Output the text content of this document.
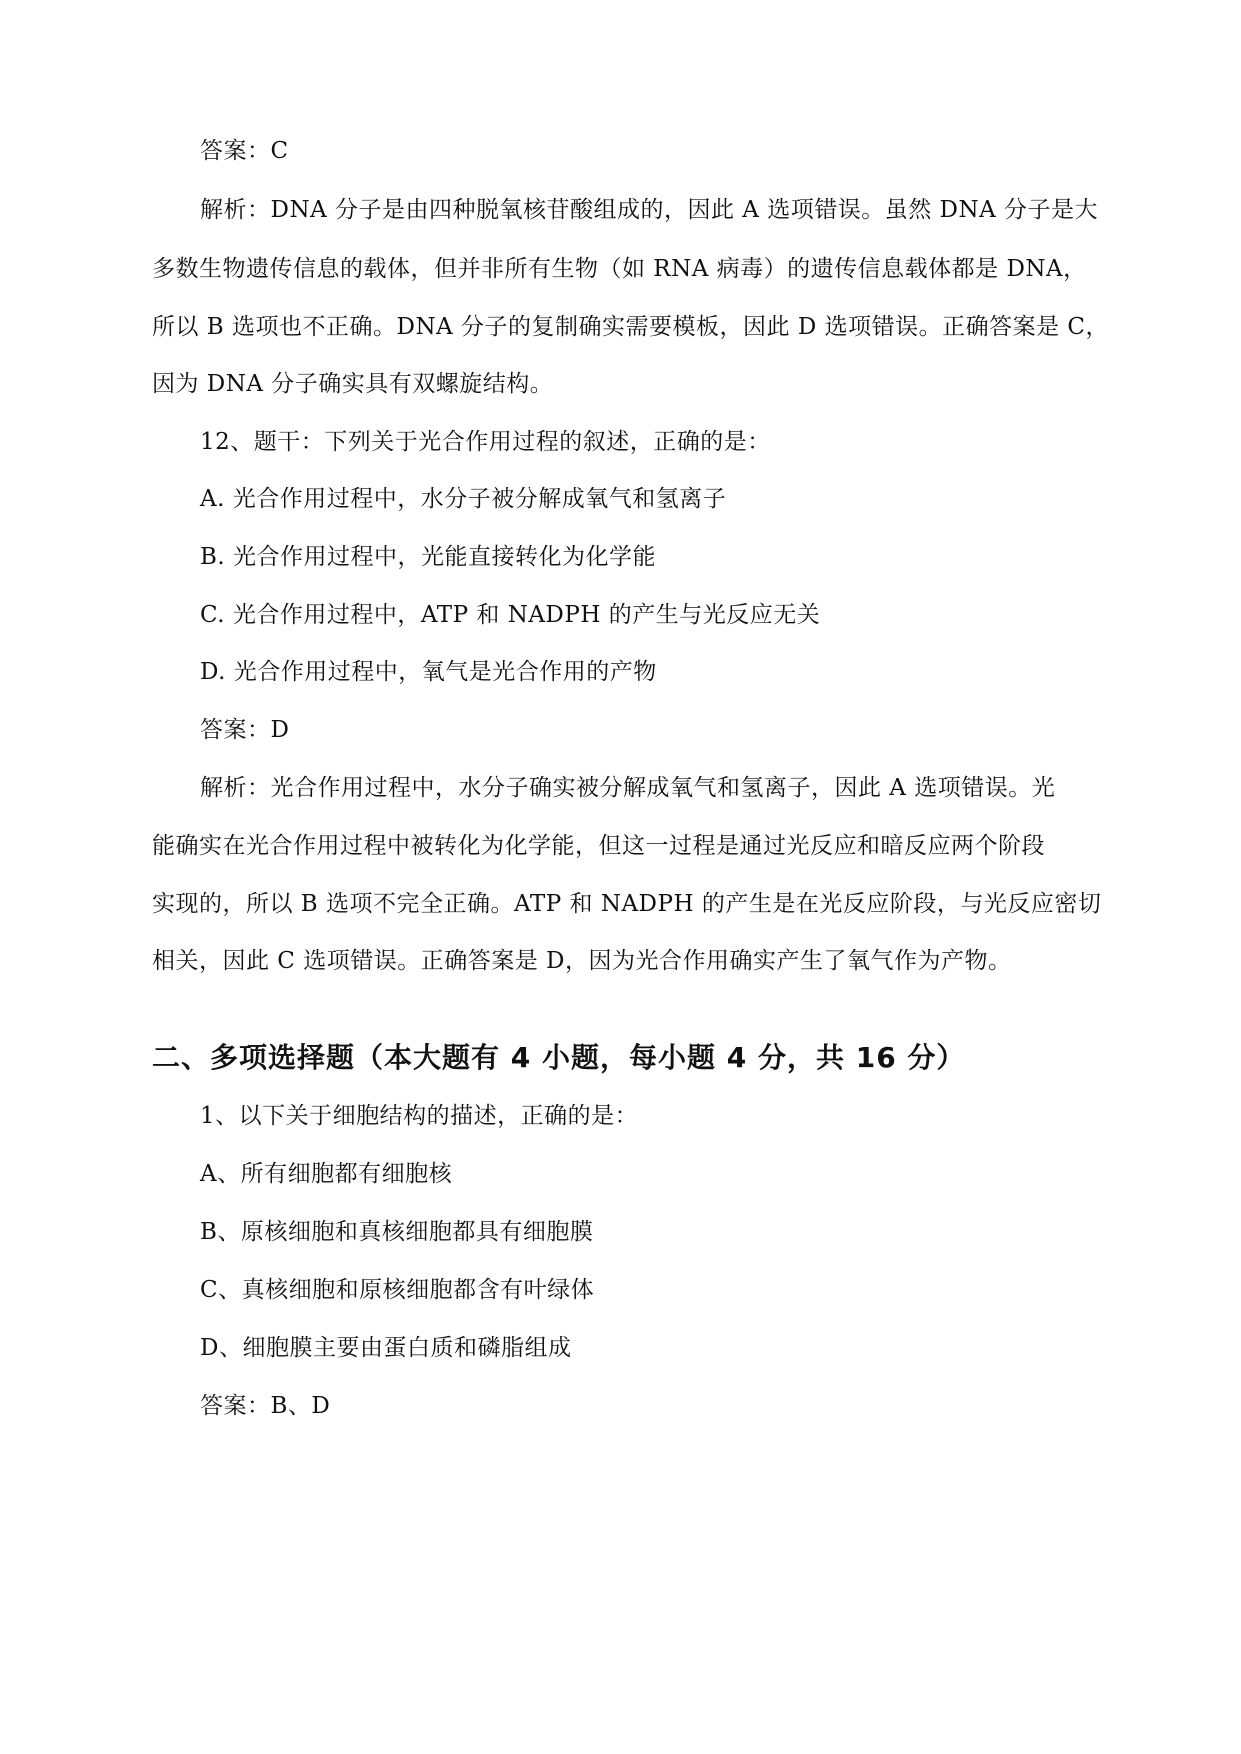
答案：C
解析：DNA 分子是由四种脱氧核苷酸组成的，因此 A 选项错误。虽然 DNA 分子是大
多数生物遗传信息的载体，但并非所有生物（如 RNA 病毒）的遗传信息载体都是 DNA，
所以 B 选项也不正确。DNA 分子的复制确实需要模板，因此 D 选项错误。正确答案是 C，
因为 DNA 分子确实具有双螺旋结构。
12、题干：下列关于光合作用过程的叙述，正确的是：
A. 光合作用过程中，水分子被分解成氧气和氢离子
B. 光合作用过程中，光能直接转化为化学能
C. 光合作用过程中，ATP 和 NADPH 的产生与光反应无关
D. 光合作用过程中，氧气是光合作用的产物
答案：D
解析：光合作用过程中，水分子确实被分解成氧气和氢离子，因此 A 选项错误。光
能确实在光合作用过程中被转化为化学能，但这一过程是通过光反应和暗反应两个阶段
实现的，所以 B 选项不完全正确。ATP 和 NADPH 的产生是在光反应阶段，与光反应密切
相关，因此 C 选项错误。正确答案是 D，因为光合作用确实产生了氧气作为产物。
二、多项选择题（本大题有 4 小题，每小题 4 分，共 16 分）
1、以下关于细胞结构的描述，正确的是：
A、所有细胞都有细胞核
B、原核细胞和真核细胞都具有细胞膜
C、真核细胞和原核细胞都含有叶绿体
D、细胞膜主要由蛋白质和磷脂组成
答案：B、D
